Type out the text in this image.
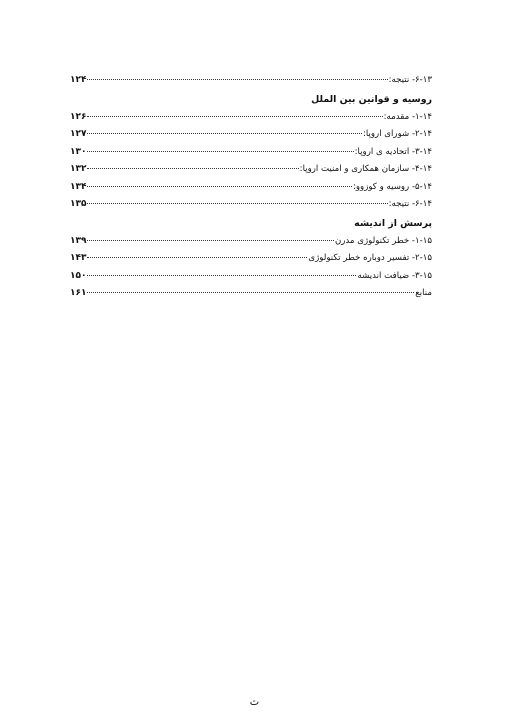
۶-۱۳- نتیجه:
۱۲۴
روسیه و قوانین بین الملل
۱-۱۴- مقدمه:
۱۲۶
۲-۱۴- شورای اروپا:
۱۲۷
۳-۱۴- اتحادیه ی اروپا:
۱۳۰
۴-۱۴- سازمان همکاری و امنیت اروپا:
۱۳۲
۵-۱۴- روسیه و کوزوو:
۱۳۴
۶-۱۴- نتیجه:
۱۳۵
پرسش از اندیشه
۱-۱۵- خطر تکنولوژی مدرن
۱۳۹
۲-۱۵- تفسیر دوباره خطر تکنولوژی
۱۴۳
۳-۱۵- ضیافت اندیشه
۱۵۰
منابع
۱۶۱
ث
